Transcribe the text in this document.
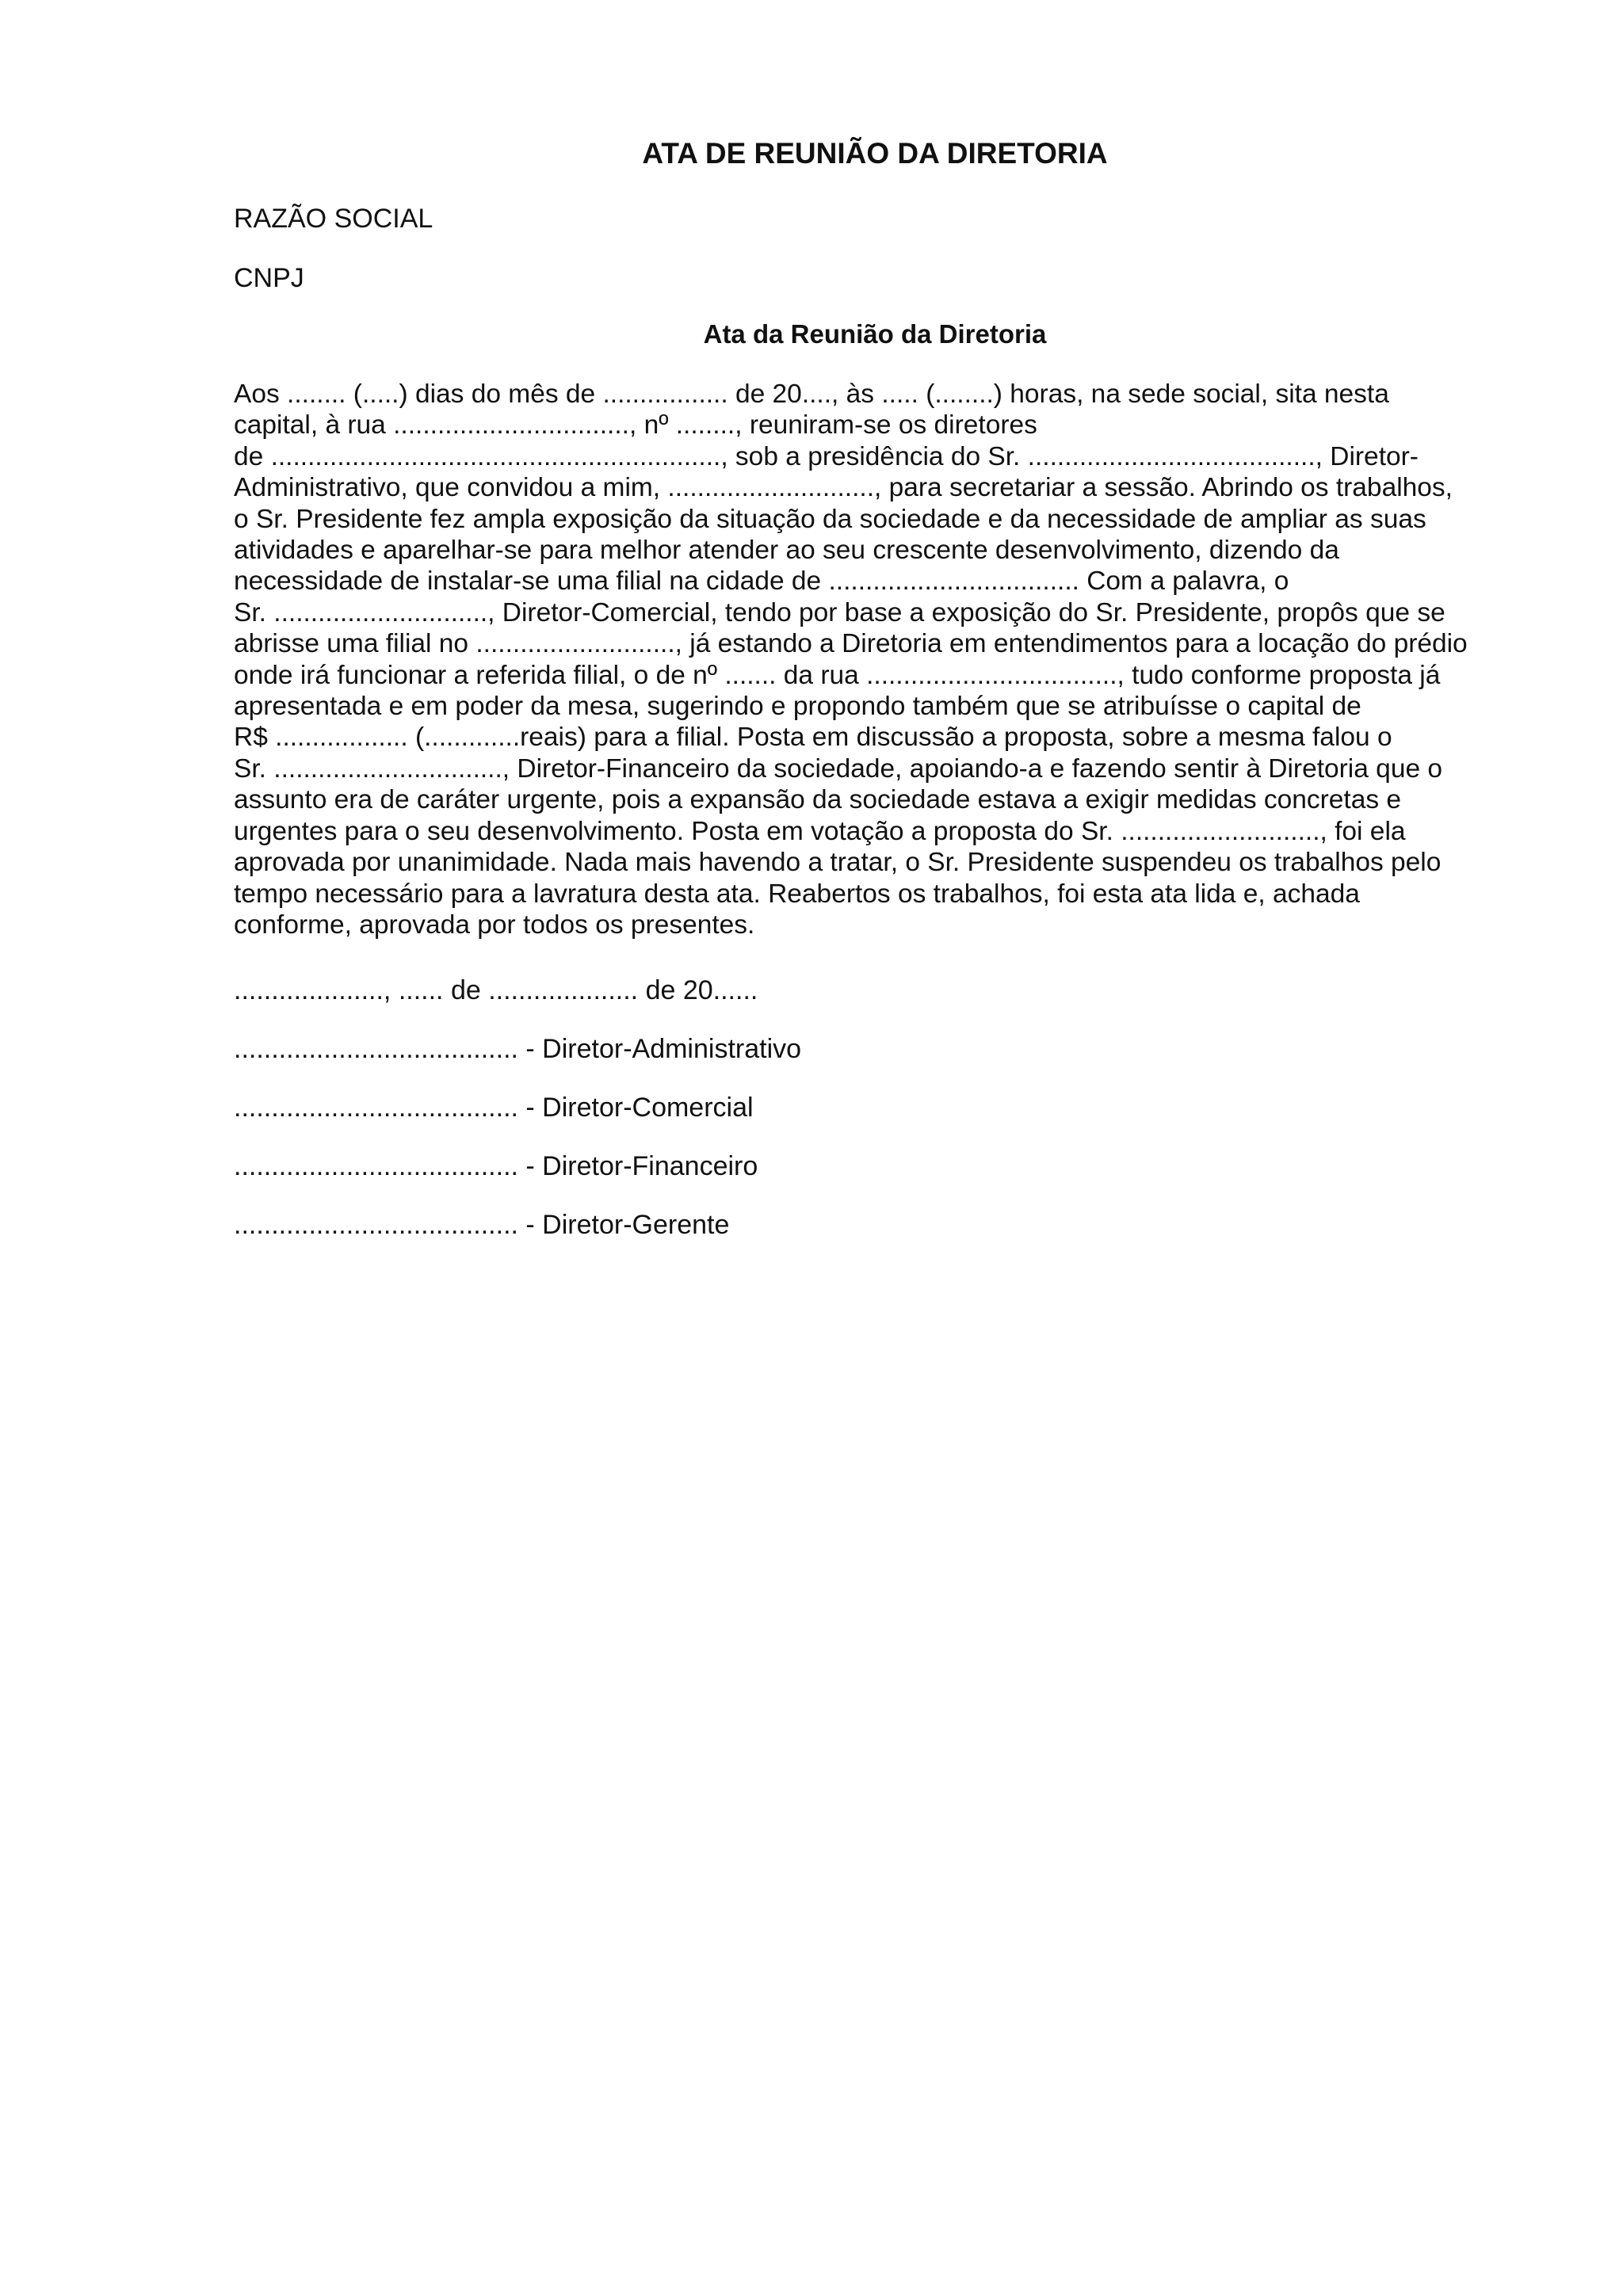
ATA DE REUNIÃO DA DIRETORIA

RAZÃO SOCIAL

CNPJ

Ata da Reunião da Diretoria
Aos ........ (.....) dias do mês de ................. de 20...., às ..... (........) horas, na sede social, sita nesta
capital, à rua ................................, nº ........, reuniram-se os diretores
de ............................................................., sob a presidência do Sr. ......................................., Diretor-
Administrativo, que convidou a mim, ............................, para secretariar a sessão. Abrindo os trabalhos,
o Sr. Presidente fez ampla exposição da situação da sociedade e da necessidade de ampliar as suas
atividades e aparelhar-se para melhor atender ao seu crescente desenvolvimento, dizendo da
necessidade de instalar-se uma filial na cidade de .................................. Com a palavra, o
Sr. ............................., Diretor-Comercial, tendo por base a exposição do Sr. Presidente, propôs que se
abrisse uma filial no ..........................., já estando a Diretoria em entendimentos para a locação do prédio
onde irá funcionar a referida filial, o de nº ....... da rua .................................., tudo conforme proposta já
apresentada e em poder da mesa, sugerindo e propondo também que se atribuísse o capital de
R$ .................. (.............reais) para a filial. Posta em discussão a proposta, sobre a mesma falou o
Sr. ..............................., Diretor-Financeiro da sociedade, apoiando-a e fazendo sentir à Diretoria que o
assunto era de caráter urgente, pois a expansão da sociedade estava a exigir medidas concretas e
urgentes para o seu desenvolvimento. Posta em votação a proposta do Sr. ..........................., foi ela
aprovada por unanimidade. Nada mais havendo a tratar, o Sr. Presidente suspendeu os trabalhos pelo
tempo necessário para a lavratura desta ata. Reabertos os trabalhos, foi esta ata lida e, achada
conforme, aprovada por todos os presentes.

...................., ...... de .................... de 20......

...................................... - Diretor-Administrativo

...................................... - Diretor-Comercial

...................................... - Diretor-Financeiro

...................................... - Diretor-Gerente
